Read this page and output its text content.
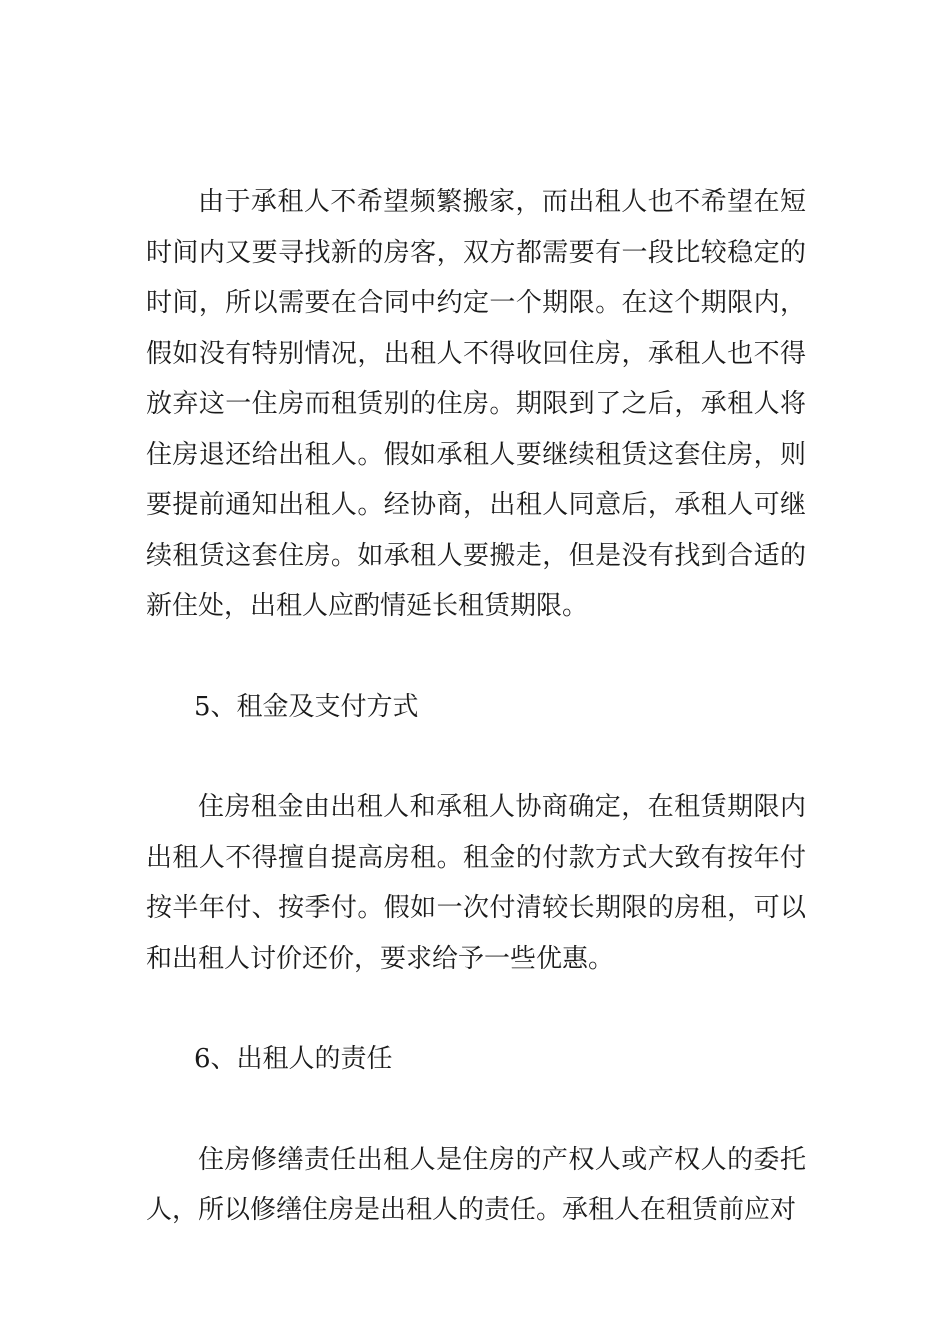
由于承租人不希望频繁搬家，而出租人也不希望在短时间内又要寻找新的房客，双方都需要有一段比较稳定的时间，所以需要在合同中约定一个期限。在这个期限内，假如没有特别情况，出租人不得收回住房，承租人也不得放弃这一住房而租赁别的住房。期限到了之后，承租人将住房退还给出租人。假如承租人要继续租赁这套住房，则要提前通知出租人。经协商，出租人同意后，承租人可继续租赁这套住房。如承租人要搬走，但是没有找到合适的新住处，出租人应酌情延长租赁期限。

5、租金及支付方式

住房租金由出租人和承租人协商确定，在租赁期限内出租人不得擅自提高房租。租金的付款方式大致有按年付按半年付、按季付。假如一次付清较长期限的房租，可以和出租人讨价还价，要求给予一些优惠。

6、出租人的责任

住房修缮责任出租人是住房的产权人或产权人的委托人，所以修缮住房是出租人的责任。承租人在租赁前应对
